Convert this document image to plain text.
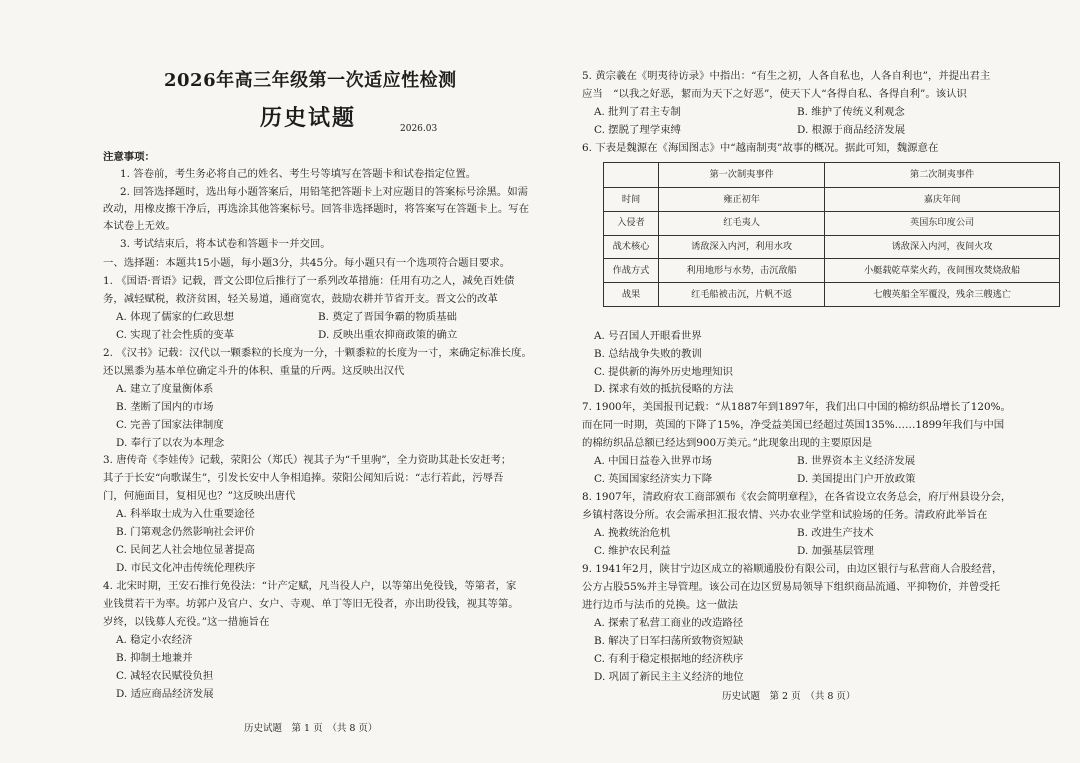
2026年高三年级第一次适应性检测
历史试题	2026.03
注意事项：
1. 答卷前，考生务必将自己的姓名、考生号等填写在答题卡和试卷指定位置。
2. 回答选择题时，选出每小题答案后，用铅笔把答题卡上对应题目的答案标号涂黑。如需
改动，用橡皮擦干净后，再选涂其他答案标号。回答非选择题时，将答案写在答题卡上。写在
本试卷上无效。
3. 考试结束后，将本试卷和答题卡一并交回。
一、选择题：本题共15小题，每小题3分，共45分。每小题只有一个选项符合题目要求。
1. 《国语·晋语》记载，晋文公即位后推行了一系列改革措施：任用有功之人，减免百姓债
务，减轻赋税，救济贫困，轻关易道，通商宽农，鼓励农耕并节省开支。晋文公的改革
A. 体现了儒家的仁政思想	B. 奠定了晋国争霸的物质基础
C. 实现了社会性质的变革	D. 反映出重农抑商政策的确立
2. 《汉书》记载：汉代以一颗黍粒的长度为一分，十颗黍粒的长度为一寸，来确定标准长度。
还以黑黍为基本单位确定斗升的体积、重量的斤两。这反映出汉代
A. 建立了度量衡体系
B. 垄断了国内的市场
C. 完善了国家法律制度
D. 奉行了以农为本理念
3. 唐传奇《李娃传》记载，荥阳公（郑氏）视其子为“千里驹”，全力资助其赴长安赶考；
其子于长安“向歌谋生”，引发长安中人争相追捧。荥阳公闻知后说：“志行若此，污辱吾
门，何施面目，复相见也？”这反映出唐代
A. 科举取士成为入仕重要途径
B. 门第观念仍然影响社会评价
C. 民间艺人社会地位显著提高
D. 市民文化冲击传统伦理秩序
4. 北宋时期，王安石推行免役法：“计产定赋，凡当役人户，以等第出免役钱，等第者，家
业钱贯若干为率。坊郭户及官户、女户、寺观、单丁等旧无役者，亦出助役钱，视其等第。
岁终，以钱募人充役。”这一措施旨在
A. 稳定小农经济
B. 抑制土地兼并
C. 减轻农民赋役负担
D. 适应商品经济发展
历史试题　第 1 页　（共 8 页）
5. 黄宗羲在《明夷待访录》中指出：“有生之初，人各自私也，人各自利也”，并提出君主
应当　“以我之好恶，絜而为天下之好恶”，使天下人“各得自私、各得自利”。该认识
A. 批判了君主专制	B. 维护了传统义利观念
C. 摆脱了理学束缚	D. 根源于商品经济发展
6. 下表是魏源在《海国图志》中“越南制夷”故事的概况。据此可知，魏源意在
	第一次制夷事件	第二次制夷事件
时间	雍正初年	嘉庆年间
入侵者	红毛夷人	英国东印度公司
战术核心	诱敌深入内河，利用水攻	诱敌深入内河，夜间火攻
作战方式	利用地形与水势，击沉敌船	小艇载乾草桨火药，夜间围攻焚烧敌船
战果	红毛船被击沉，片帆不返	七艘英船全军覆没，残余三艘逃亡
A. 号召国人开眼看世界
B. 总结战争失败的教训
C. 提供新的海外历史地理知识
D. 探求有效的抵抗侵略的方法
7. 1900年，美国报刊记载：“从1887年到1897年，我们出口中国的棉纺织品增长了120%。
而在同一时期，英国的下降了15%，净受益美国已经超过英国135%……1899年我们与中国
的棉纺织品总额已经达到900万美元。”此现象出现的主要原因是
A. 中国日益卷入世界市场	B. 世界资本主义经济发展
C. 英国国家经济实力下降	D. 美国提出门户开放政策
8. 1907年，清政府农工商部颁布《农会简明章程》，在各省设立农务总会，府厅州县设分会，
乡镇村落设分所。农会需承担汇报农情、兴办农业学堂和试验场的任务。清政府此举旨在
A. 挽救统治危机	B. 改进生产技术
C. 维护农民利益	D. 加强基层管理
9. 1941年2月，陕甘宁边区成立的裕顺通股份有限公司，由边区银行与私营商人合股经营，
公方占股55%并主导管理。该公司在边区贸易局领导下组织商品流通、平抑物价，并曾受托
进行边币与法币的兑换。这一做法
A. 探索了私营工商业的改造路径
B. 解决了日军扫荡所致物资短缺
C. 有利于稳定根据地的经济秩序
D. 巩固了新民主主义经济的地位
历史试题　第 2 页　（共 8 页）
